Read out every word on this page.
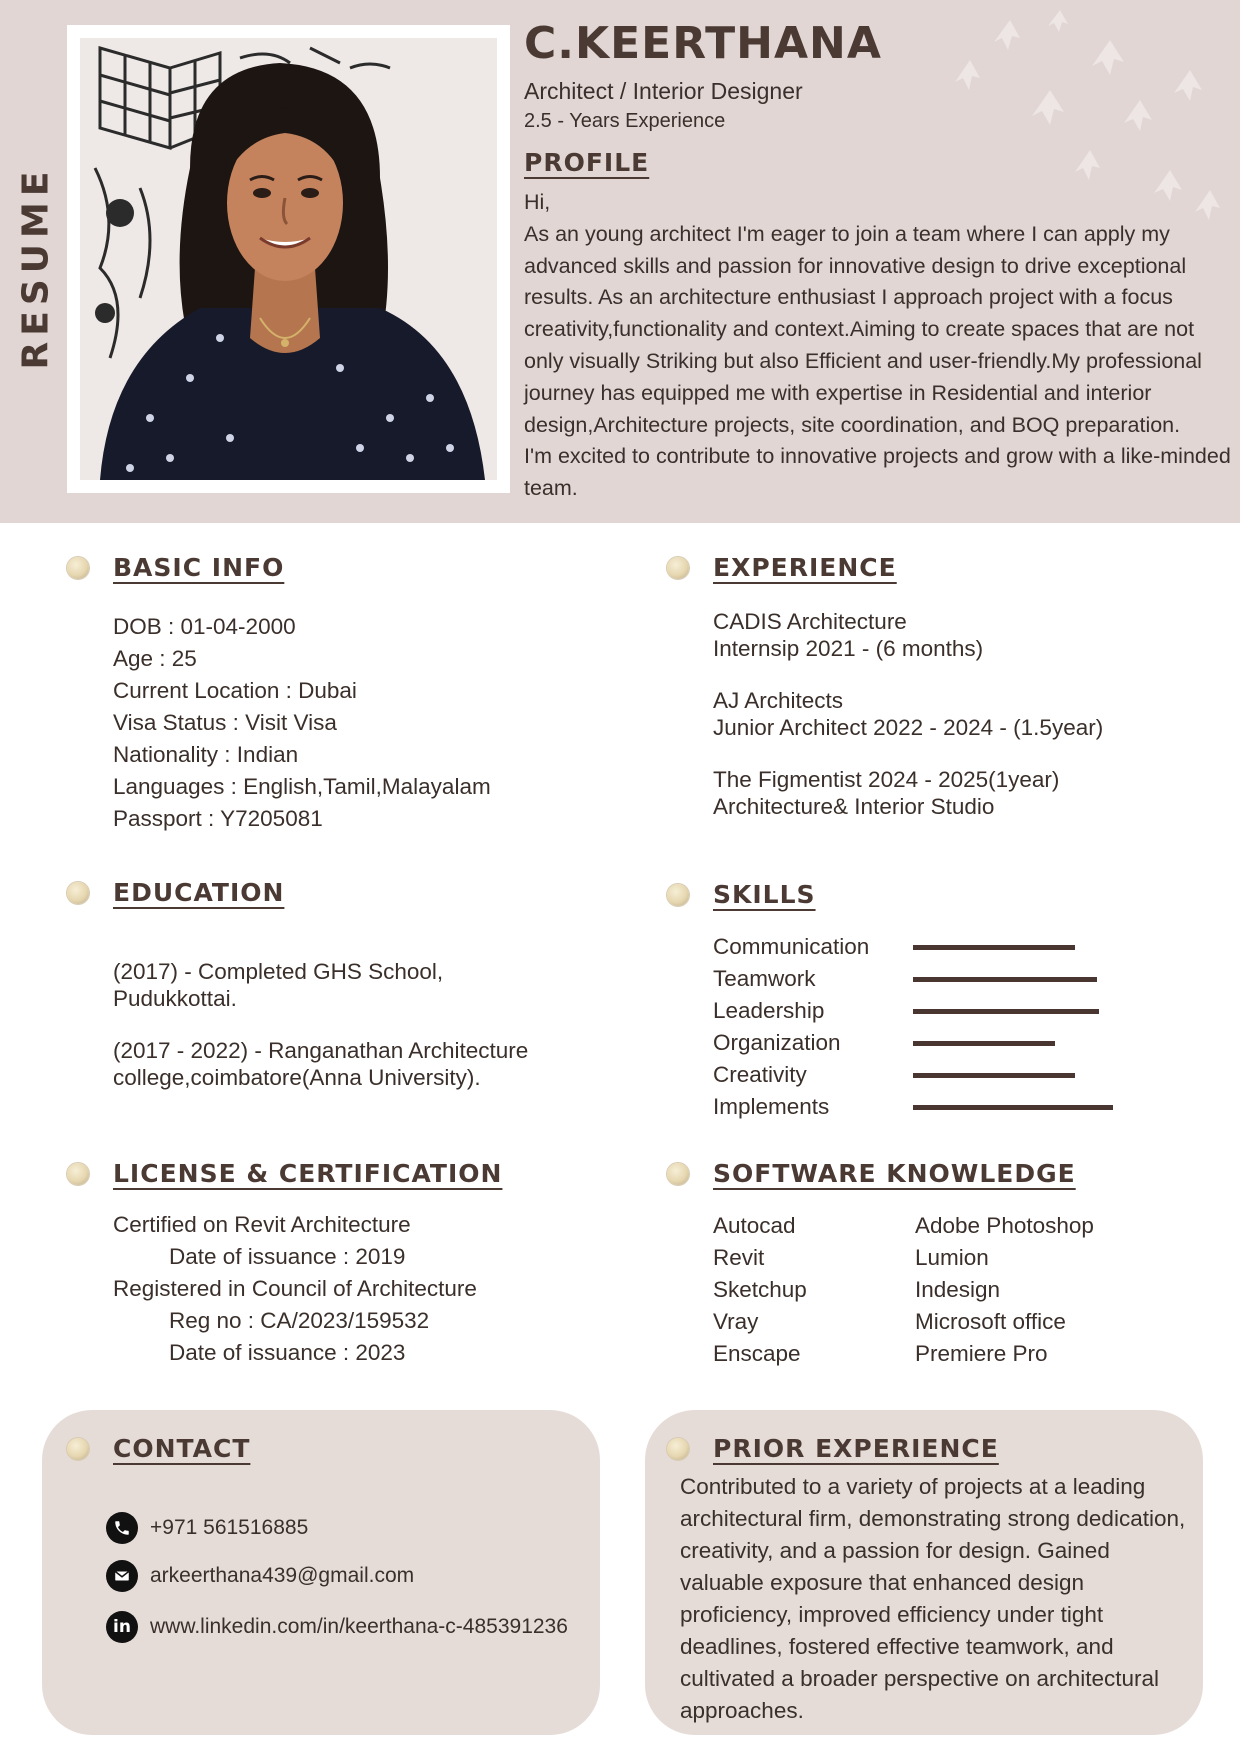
RESUME
C.KEERTHANA
Architect / Interior Designer
2.5 - Years Experience
PROFILE
Hi,
As an young architect I'm eager to join a team where I can apply my
advanced skills and passion for innovative design to drive exceptional
results. As an architecture enthusiast I approach project with a focus
creativity,functionality and context.Aiming to create spaces that are not
only visually Striking but also Efficient and user-friendly.My professional
journey has equipped me with expertise in Residential and interior
design,Architecture projects, site coordination, and BOQ preparation.
I'm excited to contribute to innovative projects and grow with a like-minded
team.
BASIC INFO
DOB : 01-04-2000
Age : 25
Current Location : Dubai
Visa Status : Visit Visa
Nationality : Indian
Languages : English,Tamil,Malayalam
Passport : Y7205081
EXPERIENCE
CADIS Architecture
Internsip 2021 - (6 months)
AJ Architects
Junior Architect 2022 - 2024 - (1.5year)
The Figmentist 2024 - 2025(1year)
Architecture& Interior Studio
EDUCATION
(2017) - Completed GHS School,
Pudukkottai.
(2017 - 2022) - Ranganathan Architecture
college,coimbatore(Anna University).
SKILLS
Communication
Teamwork
Leadership
Organization
Creativity
Implements
LICENSE & CERTIFICATION
Certified on Revit Architecture
Date of issuance : 2019
Registered in Council of Architecture
Reg no : CA/2023/159532
Date of issuance : 2023
SOFTWARE KNOWLEDGE
Autocad
Revit
Sketchup
Vray
Enscape
Adobe Photoshop
Lumion
Indesign
Microsoft office
Premiere Pro
CONTACT
+971 561516885
arkeerthana439@gmail.com
in www.linkedin.com/in/keerthana-c-485391236
PRIOR EXPERIENCE
Contributed to a variety of projects at a leading
architectural firm, demonstrating strong dedication,
creativity, and a passion for design. Gained
valuable exposure that enhanced design
proficiency, improved efficiency under tight
deadlines, fostered effective teamwork, and
cultivated a broader perspective on architectural
approaches.
